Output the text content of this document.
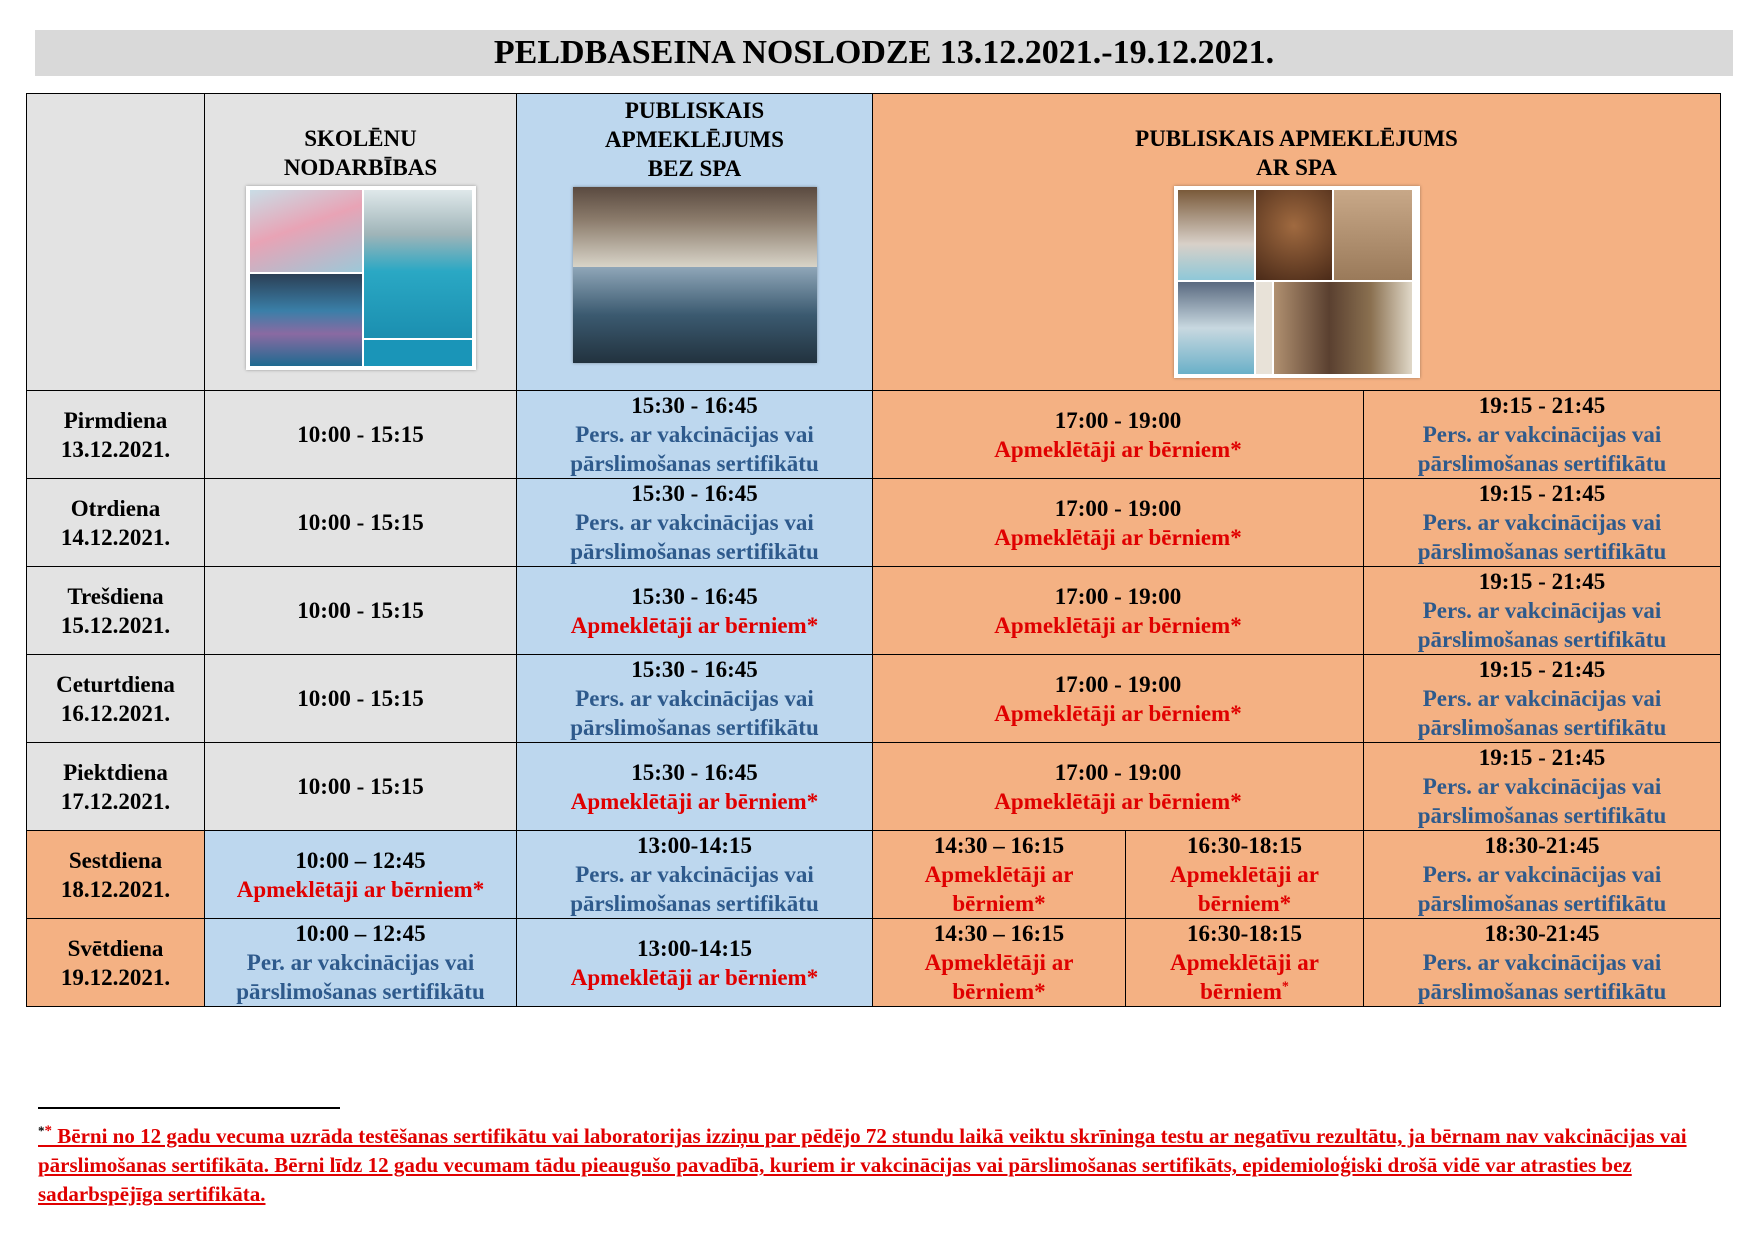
PELDBASEINA NOSLODZE 13.12.2021.-19.12.2021.

	SKOLĒNU
NODARBĪBAS	PUBLISKAIS
APMEKLĒJUMS
BEZ SPA	PUBLISKAIS APMEKLĒJUMS
AR SPA		

Pirmdiena
13.12.2021.	10:00 - 15:15	15:30 - 16:45
Pers. ar vakcinācijas vai
pārslimošanas sertifikātu	17:00 - 19:00
Apmeklētāji ar bērniem*		19:15 - 21:45
Pers. ar vakcinācijas vai
pārslimošanas sertifikātu

Otrdiena
14.12.2021.	10:00 - 15:15	15:30 - 16:45
Pers. ar vakcinācijas vai
pārslimošanas sertifikātu	17:00 - 19:00
Apmeklētāji ar bērniem*		19:15 - 21:45
Pers. ar vakcinācijas vai
pārslimošanas sertifikātu

Trešdiena
15.12.2021.	10:00 - 15:15	15:30 - 16:45
Apmeklētāji ar bērniem*	17:00 - 19:00
Apmeklētāji ar bērniem*		19:15 - 21:45
Pers. ar vakcinācijas vai
pārslimošanas sertifikātu

Ceturtdiena
16.12.2021.	10:00 - 15:15	15:30 - 16:45
Pers. ar vakcinācijas vai
pārslimošanas sertifikātu	17:00 - 19:00
Apmeklētāji ar bērniem*		19:15 - 21:45
Pers. ar vakcinācijas vai
pārslimošanas sertifikātu

Piektdiena
17.12.2021.	10:00 - 15:15	15:30 - 16:45
Apmeklētāji ar bērniem*	17:00 - 19:00
Apmeklētāji ar bērniem*		19:15 - 21:45
Pers. ar vakcinācijas vai
pārslimošanas sertifikātu

Sestdiena
18.12.2021.	10:00 – 12:45
Apmeklētāji ar bērniem*	13:00-14:15
Pers. ar vakcinācijas vai
pārslimošanas sertifikātu	14:30 – 16:15
Apmeklētāji ar
bērniem*	16:30-18:15
Apmeklētāji ar
bērniem*	18:30-21:45
Pers. ar vakcinācijas vai
pārslimošanas sertifikātu

Svētdiena
19.12.2021.	10:00 – 12:45
Per. ar vakcinācijas vai
pārslimošanas sertifikātu	13:00-14:15
Apmeklētāji ar bērniem*	14:30 – 16:15
Apmeklētāji ar
bērniem*	16:30-18:15
Apmeklētāji ar
bērniem*	18:30-21:45
Pers. ar vakcinācijas vai
pārslimošanas sertifikātu
** Bērni no 12 gadu vecuma uzrāda testēšanas sertifikātu vai laboratorijas izziņu par pēdējo 72 stundu laikā veiktu skrīninga testu ar negatīvu rezultātu, ja bērnam nav vakcinācijas vai pārslimošanas sertifikāta. Bērni līdz 12 gadu vecumam tādu pieaugušo pavadībā, kuriem ir vakcinācijas vai pārslimošanas sertifikāts, epidemioloģiski drošā vidē var atrasties bez sadarbspējīga sertifikāta.
